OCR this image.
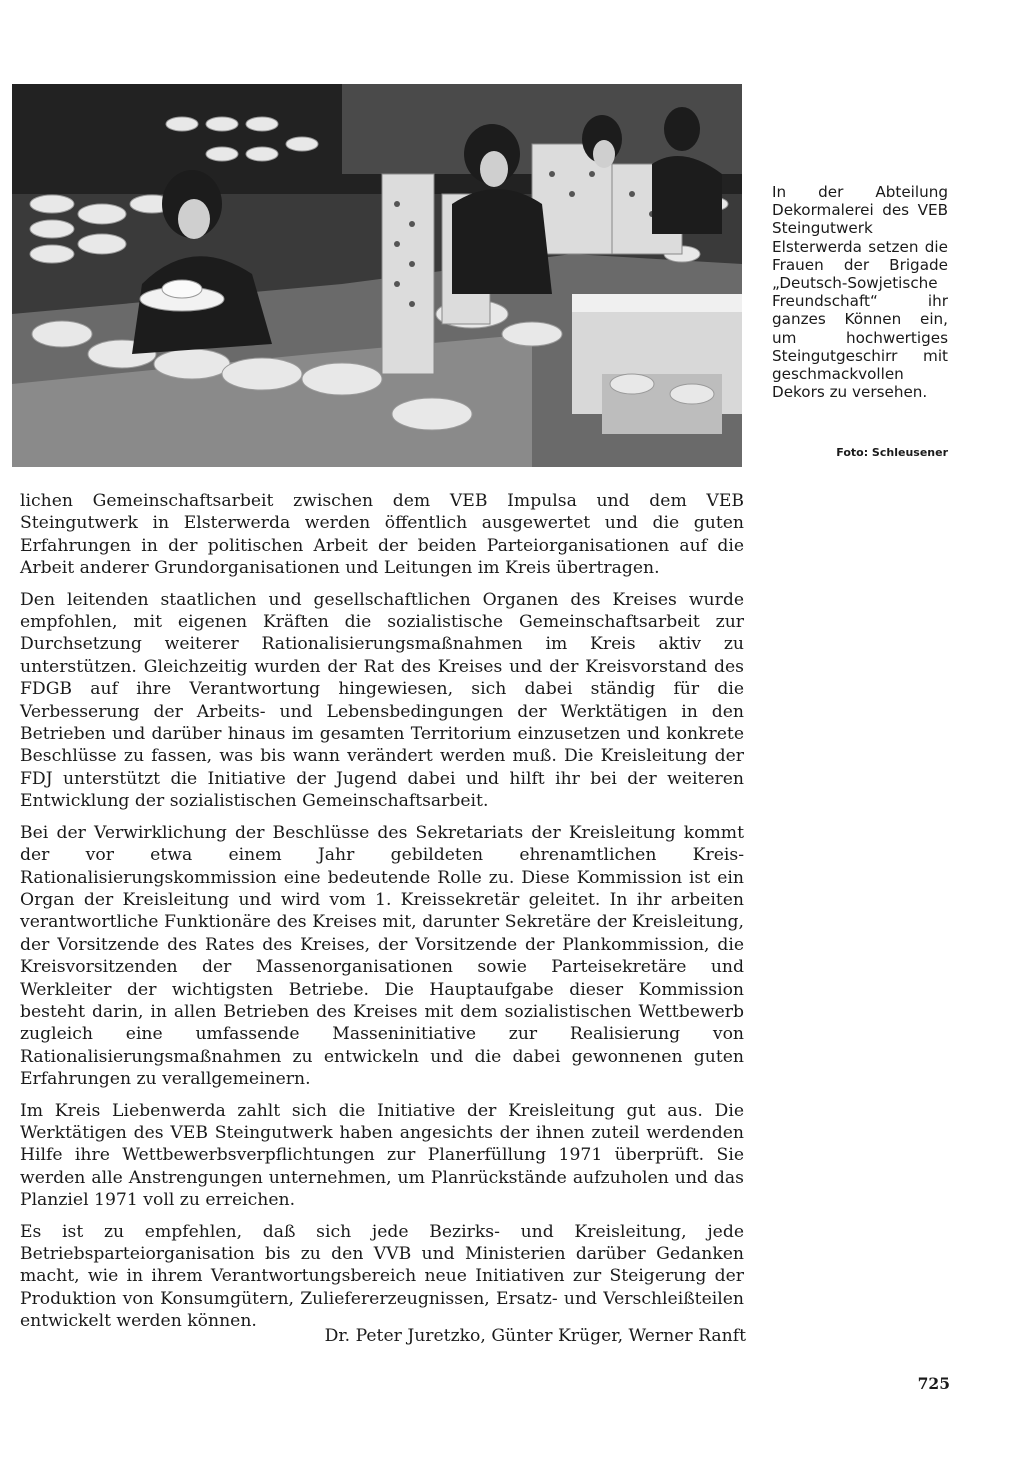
In der Abteilung Dekormalerei des VEB Steingutwerk Elsterwerda setzen die Frauen der Brigade „Deutsch-Sowjetische Freundschaft“ ihr ganzes Können ein, um hochwertiges Steingutgeschirr mit geschmackvollen Dekors zu versehen.
Foto: Schleusener

lichen Gemeinschaftsarbeit zwischen dem VEB Impulsa und dem VEB Steingutwerk in Elsterwerda werden öffentlich ausgewertet und die guten Erfahrungen in der politischen Arbeit der beiden Parteiorganisationen auf die Arbeit anderer Grundorganisationen und Leitungen im Kreis übertragen.

Den leitenden staatlichen und gesellschaftlichen Organen des Kreises wurde empfohlen, mit eigenen Kräften die sozialistische Gemeinschaftsarbeit zur Durchsetzung weiterer Rationalisierungsmaßnahmen im Kreis aktiv zu unterstützen. Gleichzeitig wurden der Rat des Kreises und der Kreisvorstand des FDGB auf ihre Verantwortung hingewiesen, sich dabei ständig für die Verbesserung der Arbeits- und Lebensbedingungen der Werktätigen in den Betrieben und darüber hinaus im gesamten Territorium einzusetzen und konkrete Beschlüsse zu fassen, was bis wann verändert werden muß. Die Kreisleitung der FDJ unterstützt die Initiative der Jugend dabei und hilft ihr bei der weiteren Entwicklung der sozialistischen Gemeinschaftsarbeit.

Bei der Verwirklichung der Beschlüsse des Sekretariats der Kreisleitung kommt der vor etwa einem Jahr gebildeten ehrenamtlichen Kreis-Rationalisierungskommission eine bedeutende Rolle zu. Diese Kommission ist ein Organ der Kreisleitung und wird vom 1. Kreissekretär geleitet. In ihr arbeiten verantwortliche Funktionäre des Kreises mit, darunter Sekretäre der Kreisleitung, der Vorsitzende des Rates des Kreises, der Vorsitzende der Plankommission, die Kreisvorsitzenden der Massenorganisationen sowie Parteisekretäre und Werkleiter der wichtigsten Betriebe. Die Hauptaufgabe dieser Kommission besteht darin, in allen Betrieben des Kreises mit dem sozialistischen Wettbewerb zugleich eine umfassende Masseninitiative zur Realisierung von Rationalisierungsmaßnahmen zu entwickeln und die dabei gewonnenen guten Erfahrungen zu verallgemeinern.

Im Kreis Liebenwerda zahlt sich die Initiative der Kreisleitung gut aus. Die Werktätigen des VEB Steingutwerk haben angesichts der ihnen zuteil werdenden Hilfe ihre Wettbewerbsverpflichtungen zur Planerfüllung 1971 überprüft. Sie werden alle Anstrengungen unternehmen, um Planrückstände aufzuholen und das Planziel 1971 voll zu erreichen.

Es ist zu empfehlen, daß sich jede Bezirks- und Kreisleitung, jede Betriebsparteiorganisation bis zu den VVB und Ministerien darüber Gedanken macht, wie in ihrem Verantwortungsbereich neue Initiativen zur Steigerung der Produktion von Konsumgütern, Zuliefererzeugnissen, Ersatz- und Verschleißteilen entwickelt werden können.

Dr. Peter Juretzko, Günter Krüger, Werner Ranft
725
